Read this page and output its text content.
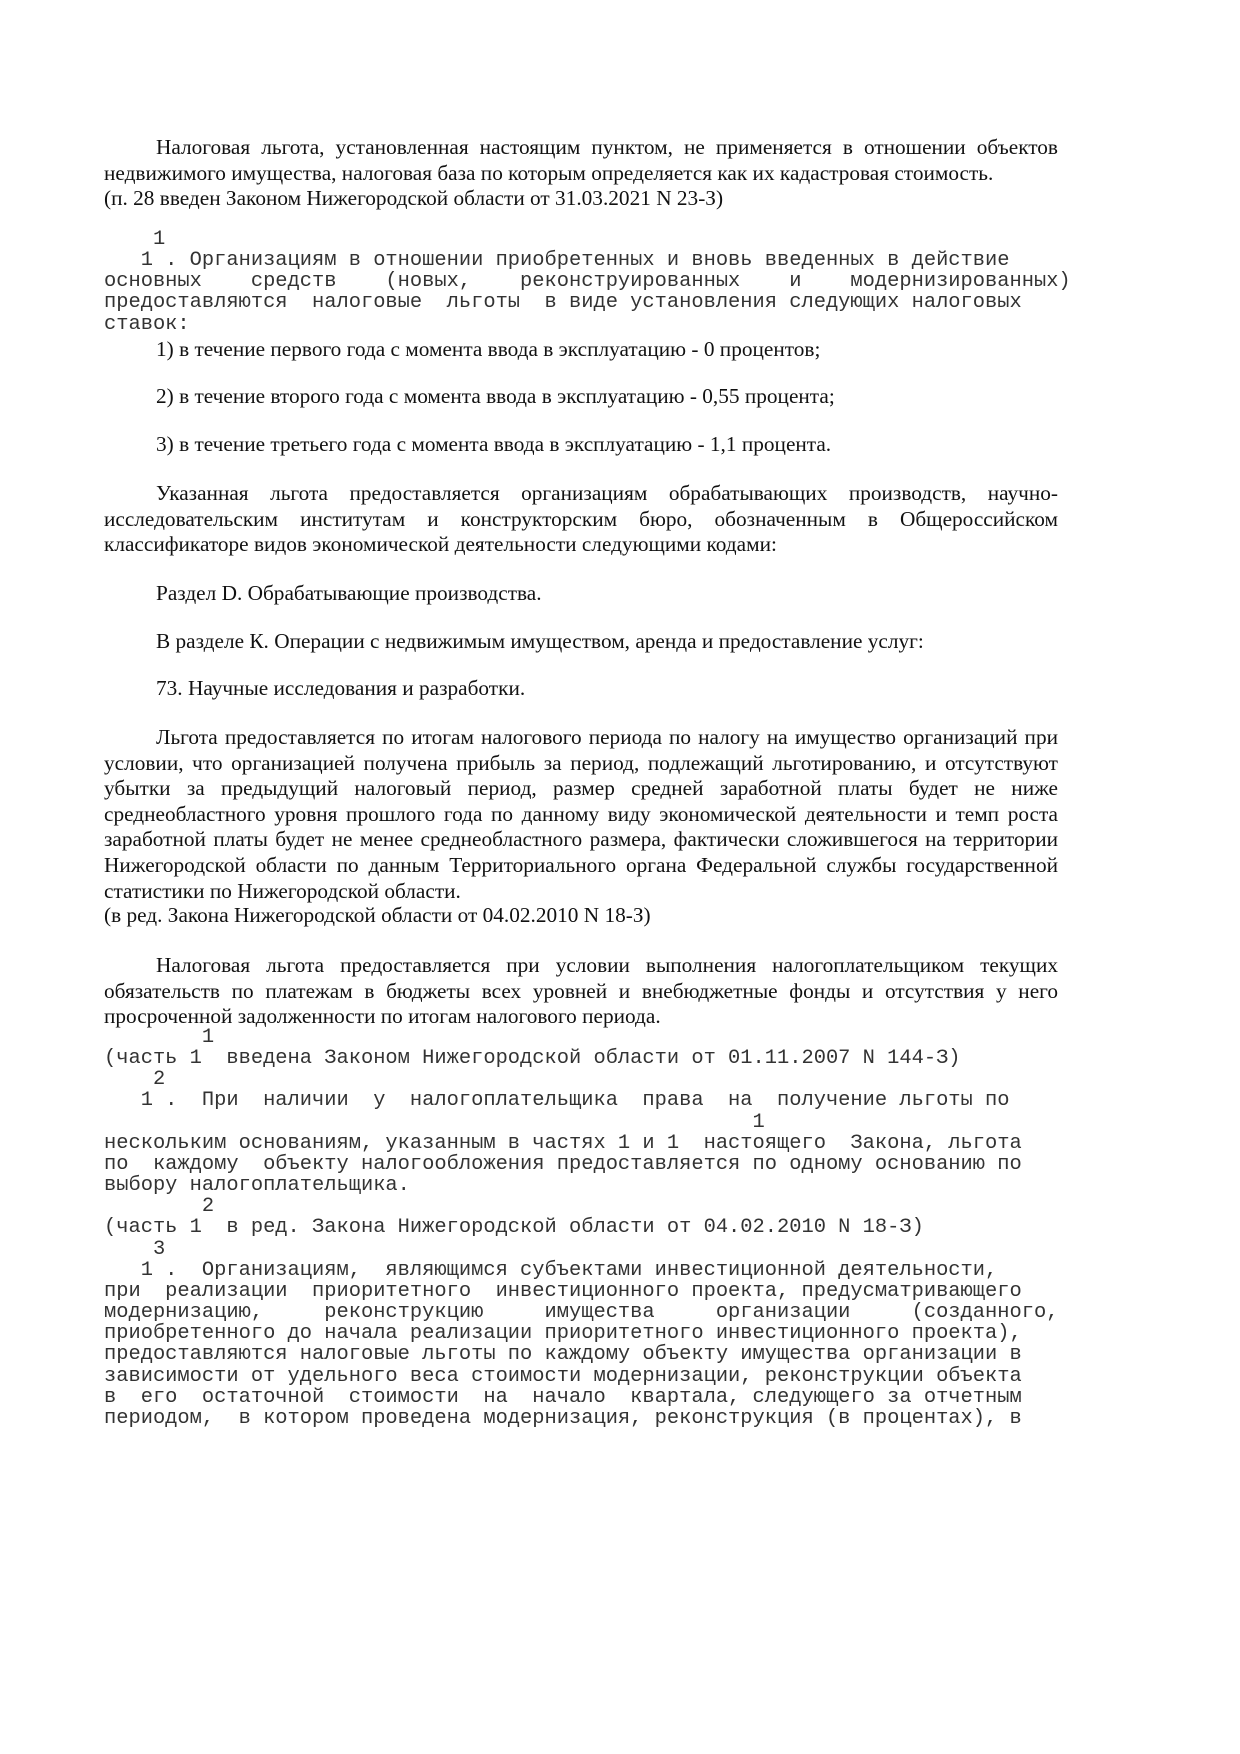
Налоговая льгота, установленная настоящим пунктом, не применяется в отношении объектов недвижимого имущества, налоговая база по которым определяется как их кадастровая стоимость.

(п. 28 введен Законом Нижегородской области от 31.03.2021 N 23-З)

1
1 . Организациям в отношении приобретенных и вновь введенных в действие
основных    средств    (новых,    реконструированных    и    модернизированных)
предоставляются  налоговые  льготы  в виде установления следующих налоговых
ставок:

1) в течение первого года с момента ввода в эксплуатацию - 0 процентов;

2) в течение второго года с момента ввода в эксплуатацию - 0,55 процента;

3) в течение третьего года с момента ввода в эксплуатацию - 1,1 процента.

Указанная льгота предоставляется организациям обрабатывающих производств, научно-исследовательским институтам и конструкторским бюро, обозначенным в Общероссийском классификаторе видов экономической деятельности следующими кодами:

Раздел D. Обрабатывающие производства.

В разделе К. Операции с недвижимым имуществом, аренда и предоставление услуг:

73. Научные исследования и разработки.

Льгота предоставляется по итогам налогового периода по налогу на имущество организаций при условии, что организацией получена прибыль за период, подлежащий льготированию, и отсутствуют убытки за предыдущий налоговый период, размер средней заработной платы будет не ниже среднеобластного уровня прошлого года по данному виду экономической деятельности и темп роста заработной платы будет не менее среднеобластного размера, фактически сложившегося на территории Нижегородской области по данным Территориального органа Федеральной службы государственной статистики по Нижегородской области.

(в ред. Закона Нижегородской области от 04.02.2010 N 18-З)

Налоговая льгота предоставляется при условии выполнения налогоплательщиком текущих обязательств по платежам в бюджеты всех уровней и внебюджетные фонды и отсутствия у него просроченной задолженности по итогам налогового периода.

1
(часть 1  введена Законом Нижегородской области от 01.11.2007 N 144-З)
2
1 .  При  наличии  у  налогоплательщика  права  на  получение льготы по
1
нескольким основаниям, указанным в частях 1 и 1  настоящего  Закона, льгота
по  каждому  объекту налогообложения предоставляется по одному основанию по
выбору налогоплательщика.
2
(часть 1  в ред. Закона Нижегородской области от 04.02.2010 N 18-З)
3
1 .  Организациям,  являющимся субъектами инвестиционной деятельности,
при  реализации  приоритетного  инвестиционного проекта, предусматривающего
модернизацию,     реконструкцию     имущества     организации     (созданного,
приобретенного до начала реализации приоритетного инвестиционного проекта),
предоставляются налоговые льготы по каждому объекту имущества организации в
зависимости от удельного веса стоимости модернизации, реконструкции объекта
в  его  остаточной  стоимости  на  начало  квартала, следующего за отчетным
периодом,  в котором проведена модернизация, реконструкция (в процентах), в
